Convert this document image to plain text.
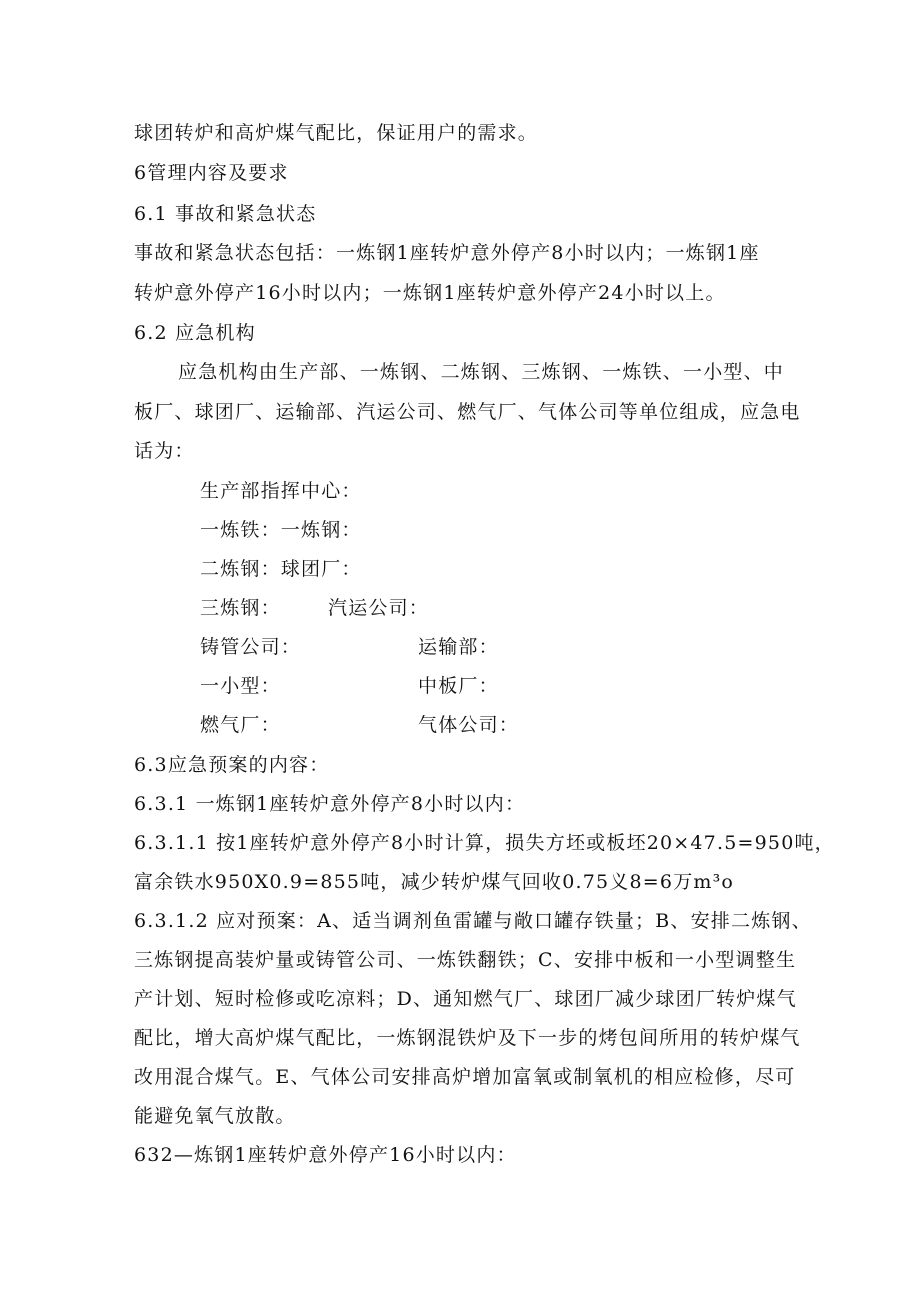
球团转炉和高炉煤气配比，保证用户的需求。
6管理内容及要求
6.1 事故和紧急状态
事故和紧急状态包括：一炼钢1座转炉意外停产8小时以内；一炼钢1座
转炉意外停产16小时以内；一炼钢1座转炉意外停产24小时以上。
6.2 应急机构
应急机构由生产部、一炼钢、二炼钢、三炼钢、一炼铁、一小型、中
板厂、球团厂、运输部、汽运公司、燃气厂、气体公司等单位组成，应急电
话为：
生产部指挥中心：
一炼铁：一炼钢：
二炼钢：球团厂：
三炼钢： 汽运公司：
铸管公司：	运输部：
一小型：	中板厂：
燃气厂：	气体公司：
6.3应急预案的内容：
6.3.1 一炼钢1座转炉意外停产8小时以内：
6.3.1.1 按1座转炉意外停产8小时计算，损失方坯或板坯20×47.5=950吨，
富余铁水950X0.9=855吨，减少转炉煤气回收0.75义8=6万m³o
6.3.1.2 应对预案：A、适当调剂鱼雷罐与敞口罐存铁量；B、安排二炼钢、
三炼钢提高装炉量或铸管公司、一炼铁翻铁；C、安排中板和一小型调整生
产计划、短时检修或吃凉料；D、通知燃气厂、球团厂减少球团厂转炉煤气
配比，增大高炉煤气配比，一炼钢混铁炉及下一步的烤包间所用的转炉煤气
改用混合煤气。E、气体公司安排高炉增加富氧或制氧机的相应检修，尽可
能避免氧气放散。
632—炼钢1座转炉意外停产16小时以内：
